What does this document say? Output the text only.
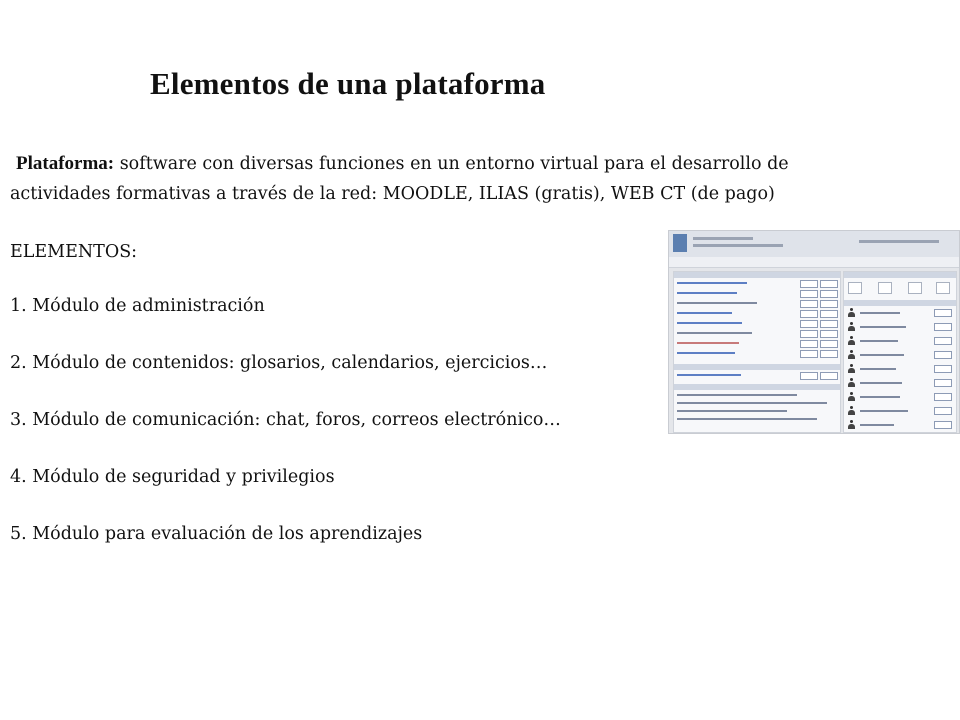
Elementos de una plataforma
Plataforma: software con diversas funciones en un entorno virtual para el desarrollo de
actividades formativas a través de la red: MOODLE, ILIAS (gratis), WEB CT (de pago)
ELEMENTOS:
1. Módulo de administración
2. Módulo de contenidos: glosarios, calendarios, ejercicios…
3. Módulo de comunicación: chat, foros, correos electrónico…
4. Módulo de seguridad y privilegios
5. Módulo para evaluación de los aprendizajes
